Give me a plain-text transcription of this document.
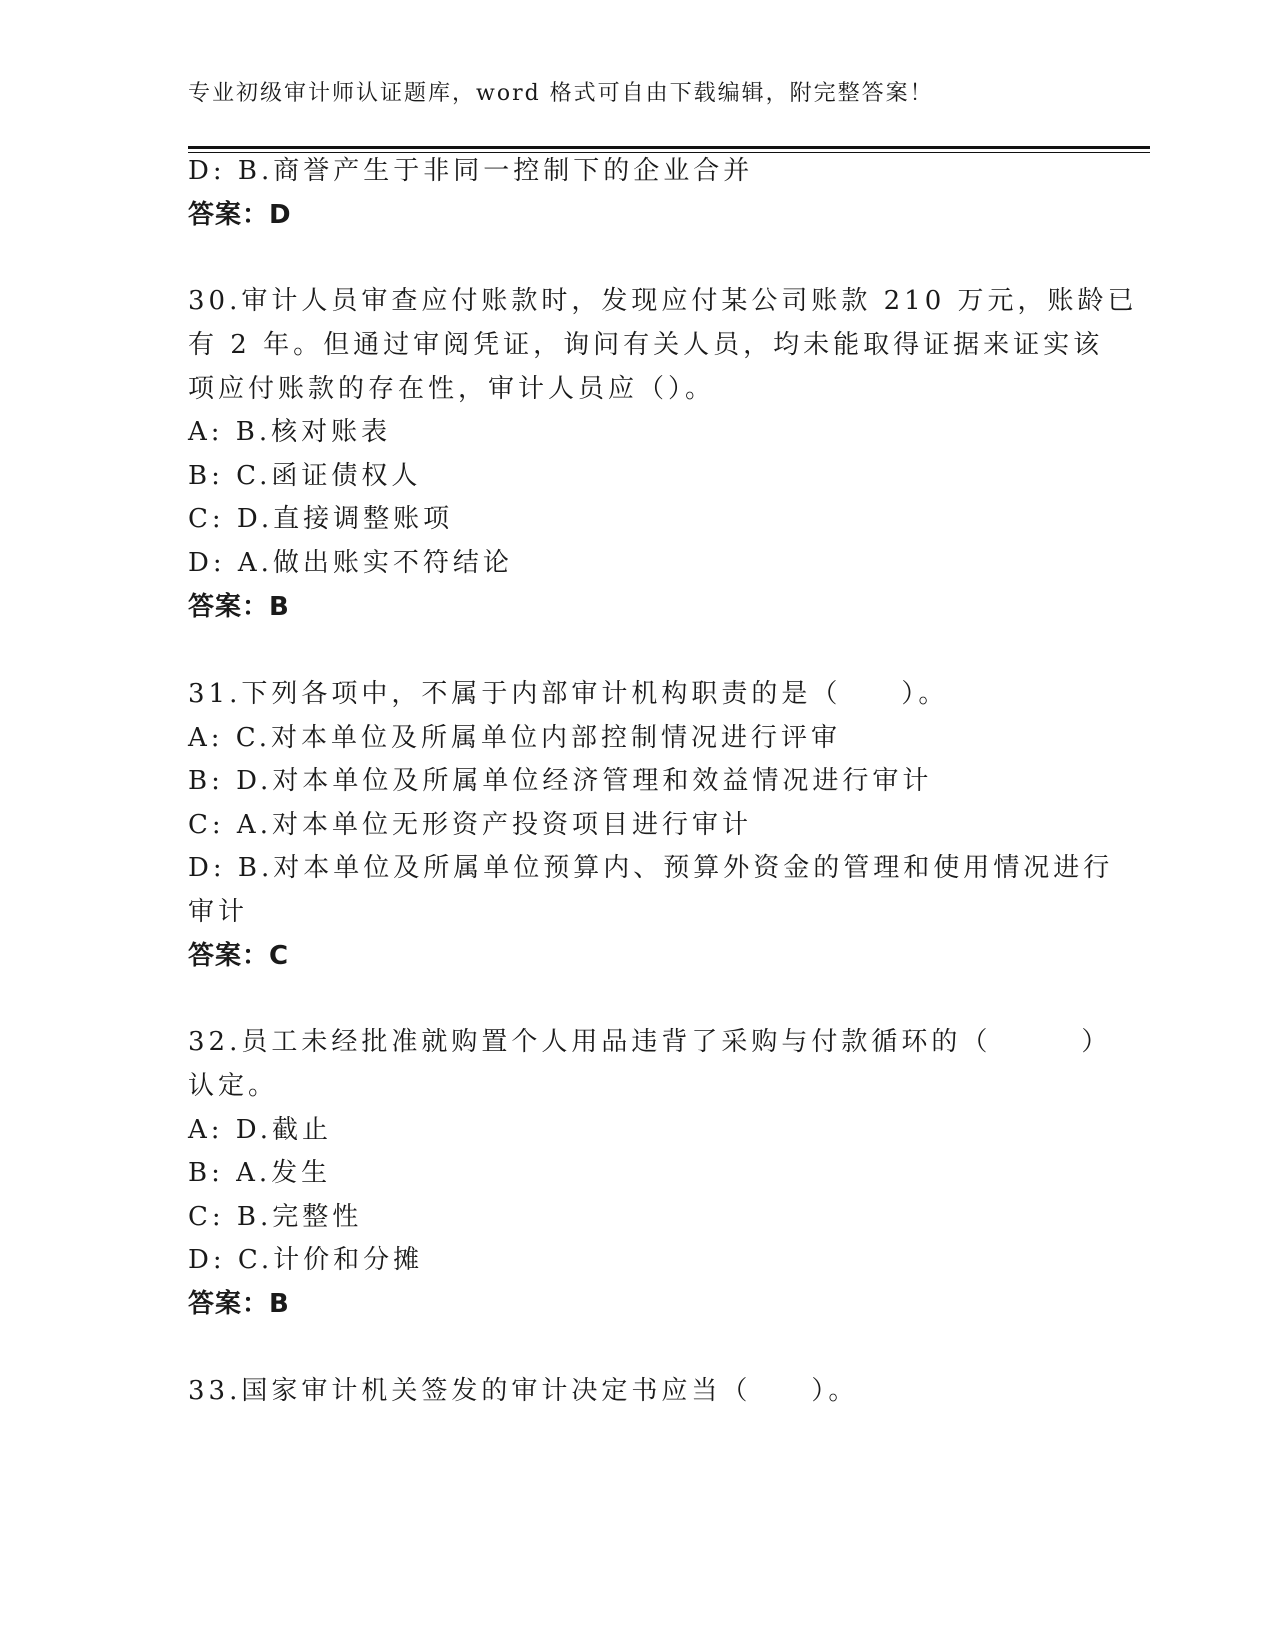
专业初级审计师认证题库，word 格式可自由下载编辑，附完整答案！
D: B.商誉产生于非同一控制下的企业合并
答案：D
30.审计人员审查应付账款时，发现应付某公司账款 210 万元，账龄已
有 2 年。但通过审阅凭证，询问有关人员，均未能取得证据来证实该
项应付账款的存在性，审计人员应（）。
A: B.核对账表
B: C.函证债权人
C: D.直接调整账项
D: A.做出账实不符结论
答案：B
31.下列各项中，不属于内部审计机构职责的是（　　）。
A: C.对本单位及所属单位内部控制情况进行评审
B: D.对本单位及所属单位经济管理和效益情况进行审计
C: A.对本单位无形资产投资项目进行审计
D: B.对本单位及所属单位预算内、预算外资金的管理和使用情况进行
审计
答案：C
32.员工未经批准就购置个人用品违背了采购与付款循环的（　　　）
认定。
A: D.截止
B: A.发生
C: B.完整性
D: C.计价和分摊
答案：B
33.国家审计机关签发的审计决定书应当（　　）。
